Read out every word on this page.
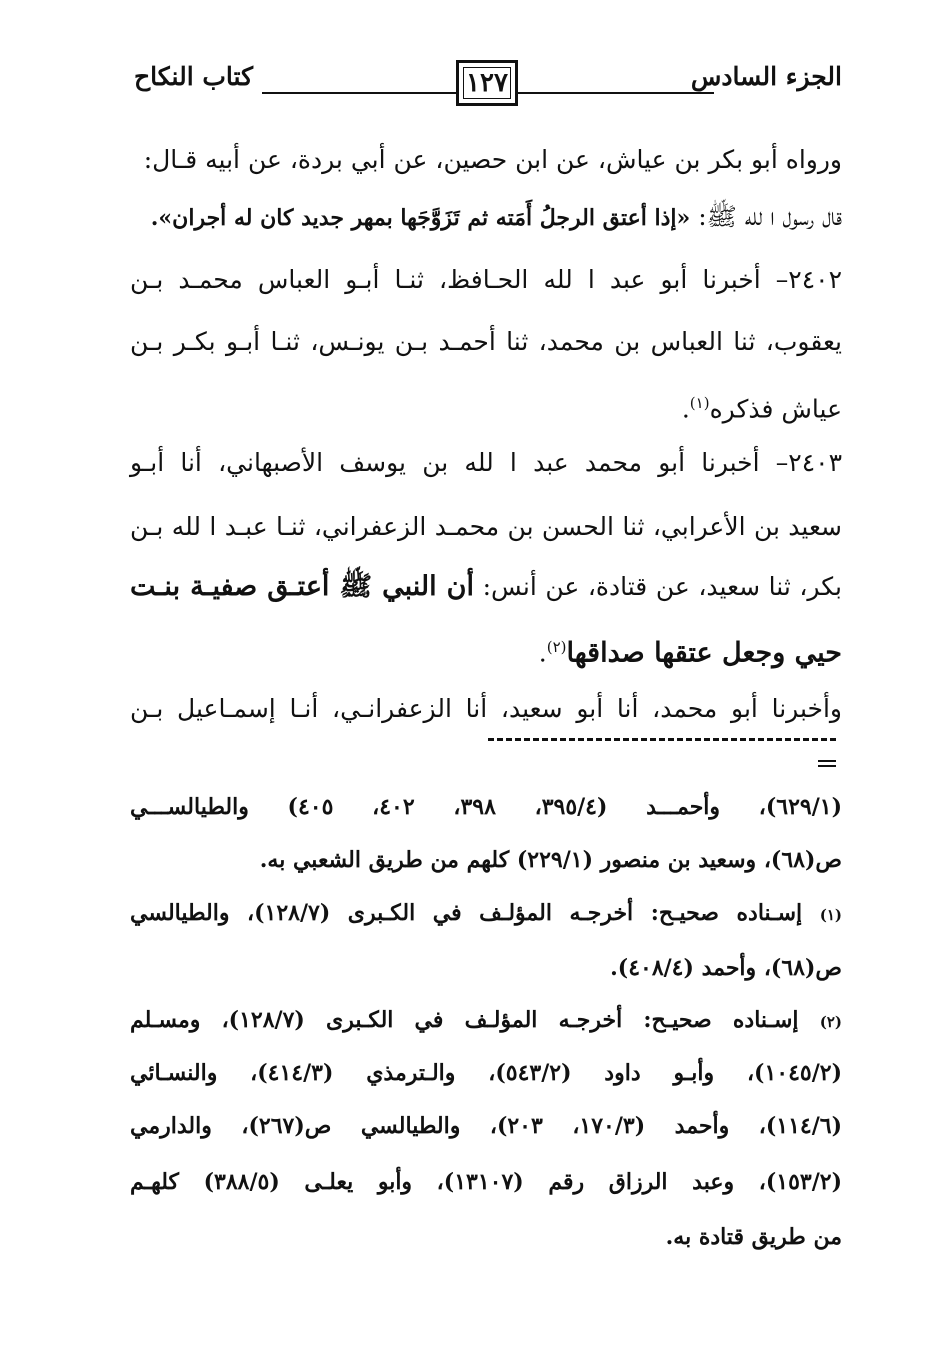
كتاب النكاح	١٢٧	الجزء السادس
ورواه أبو بكر بن عياش، عن ابن حصين، عن أبي بردة، عن أبيه قـال:
قال رسول ا لله ﷺ: «إذا أعتق الرجلُ أَمَته ثم تَزَوَّجَها بمهر جديد كان له أجران».
٢٤٠٢– أخبرنا أبو عبد ا لله الحـافظ، ثنـا أبـو العباس محمـد بـن
يعقوب، ثنا العباس بن محمد، ثنا أحمـد بـن يونـس، ثنـا أبـو بكـر بـن
عياش فذكره$^{(١)}$.
٢٤٠٣– أخبرنا أبو محمد عبد ا لله بن يوسف الأصبهاني، أنا أبـو
سعيد بن الأعرابي، ثنا الحسن بن محمـد الزعفراني، ثنـا عبـد ا لله بـن
بكر، ثنا سعيد، عن قتادة، عن أنس: أن النبي ﷺ أعتـق صفيـة بنـت
حيي وجعل عتقها صداقها$^{(٢)}$.
وأخبرنا أبو محمد، أنا أبو سعيد، أنا الزعفرانـي، أنـا إسمـاعيل بـن
(٦٢٩/١)، وأحمـــد (٣٩٥/٤، ٣٩٨، ٤٠٢، ٤٠٥) والطيالســـي
ص(٦٨)، وسعيد بن منصور (٢٢٩/١) كلهم من طريق الشعبي به.
(١) إسـناده صحيـح: أخرجـه المؤلـف في الكـبرى (١٢٨/٧)، والطيالسي
ص(٦٨)، وأحمد (٤٠٨/٤).
(٢) إسـناده صحيـح: أخرجـه المؤلـف في الكـبرى (١٢٨/٧)، ومسـلم
(١٠٤٥/٢)، وأبـو داود (٥٤٣/٢)، والـترمذي (٤١٤/٣)، والنسـائي
(١١٤/٦)، وأحمد (١٧٠/٣، ٢٠٣)، والطيالسي ص(٢٦٧)، والدارمي
(١٥٣/٢)، وعبد الرزاق رقم (١٣١٠٧)، وأبو يعلـى (٣٨٨/٥) كلهـم
من طريق قتادة به.
